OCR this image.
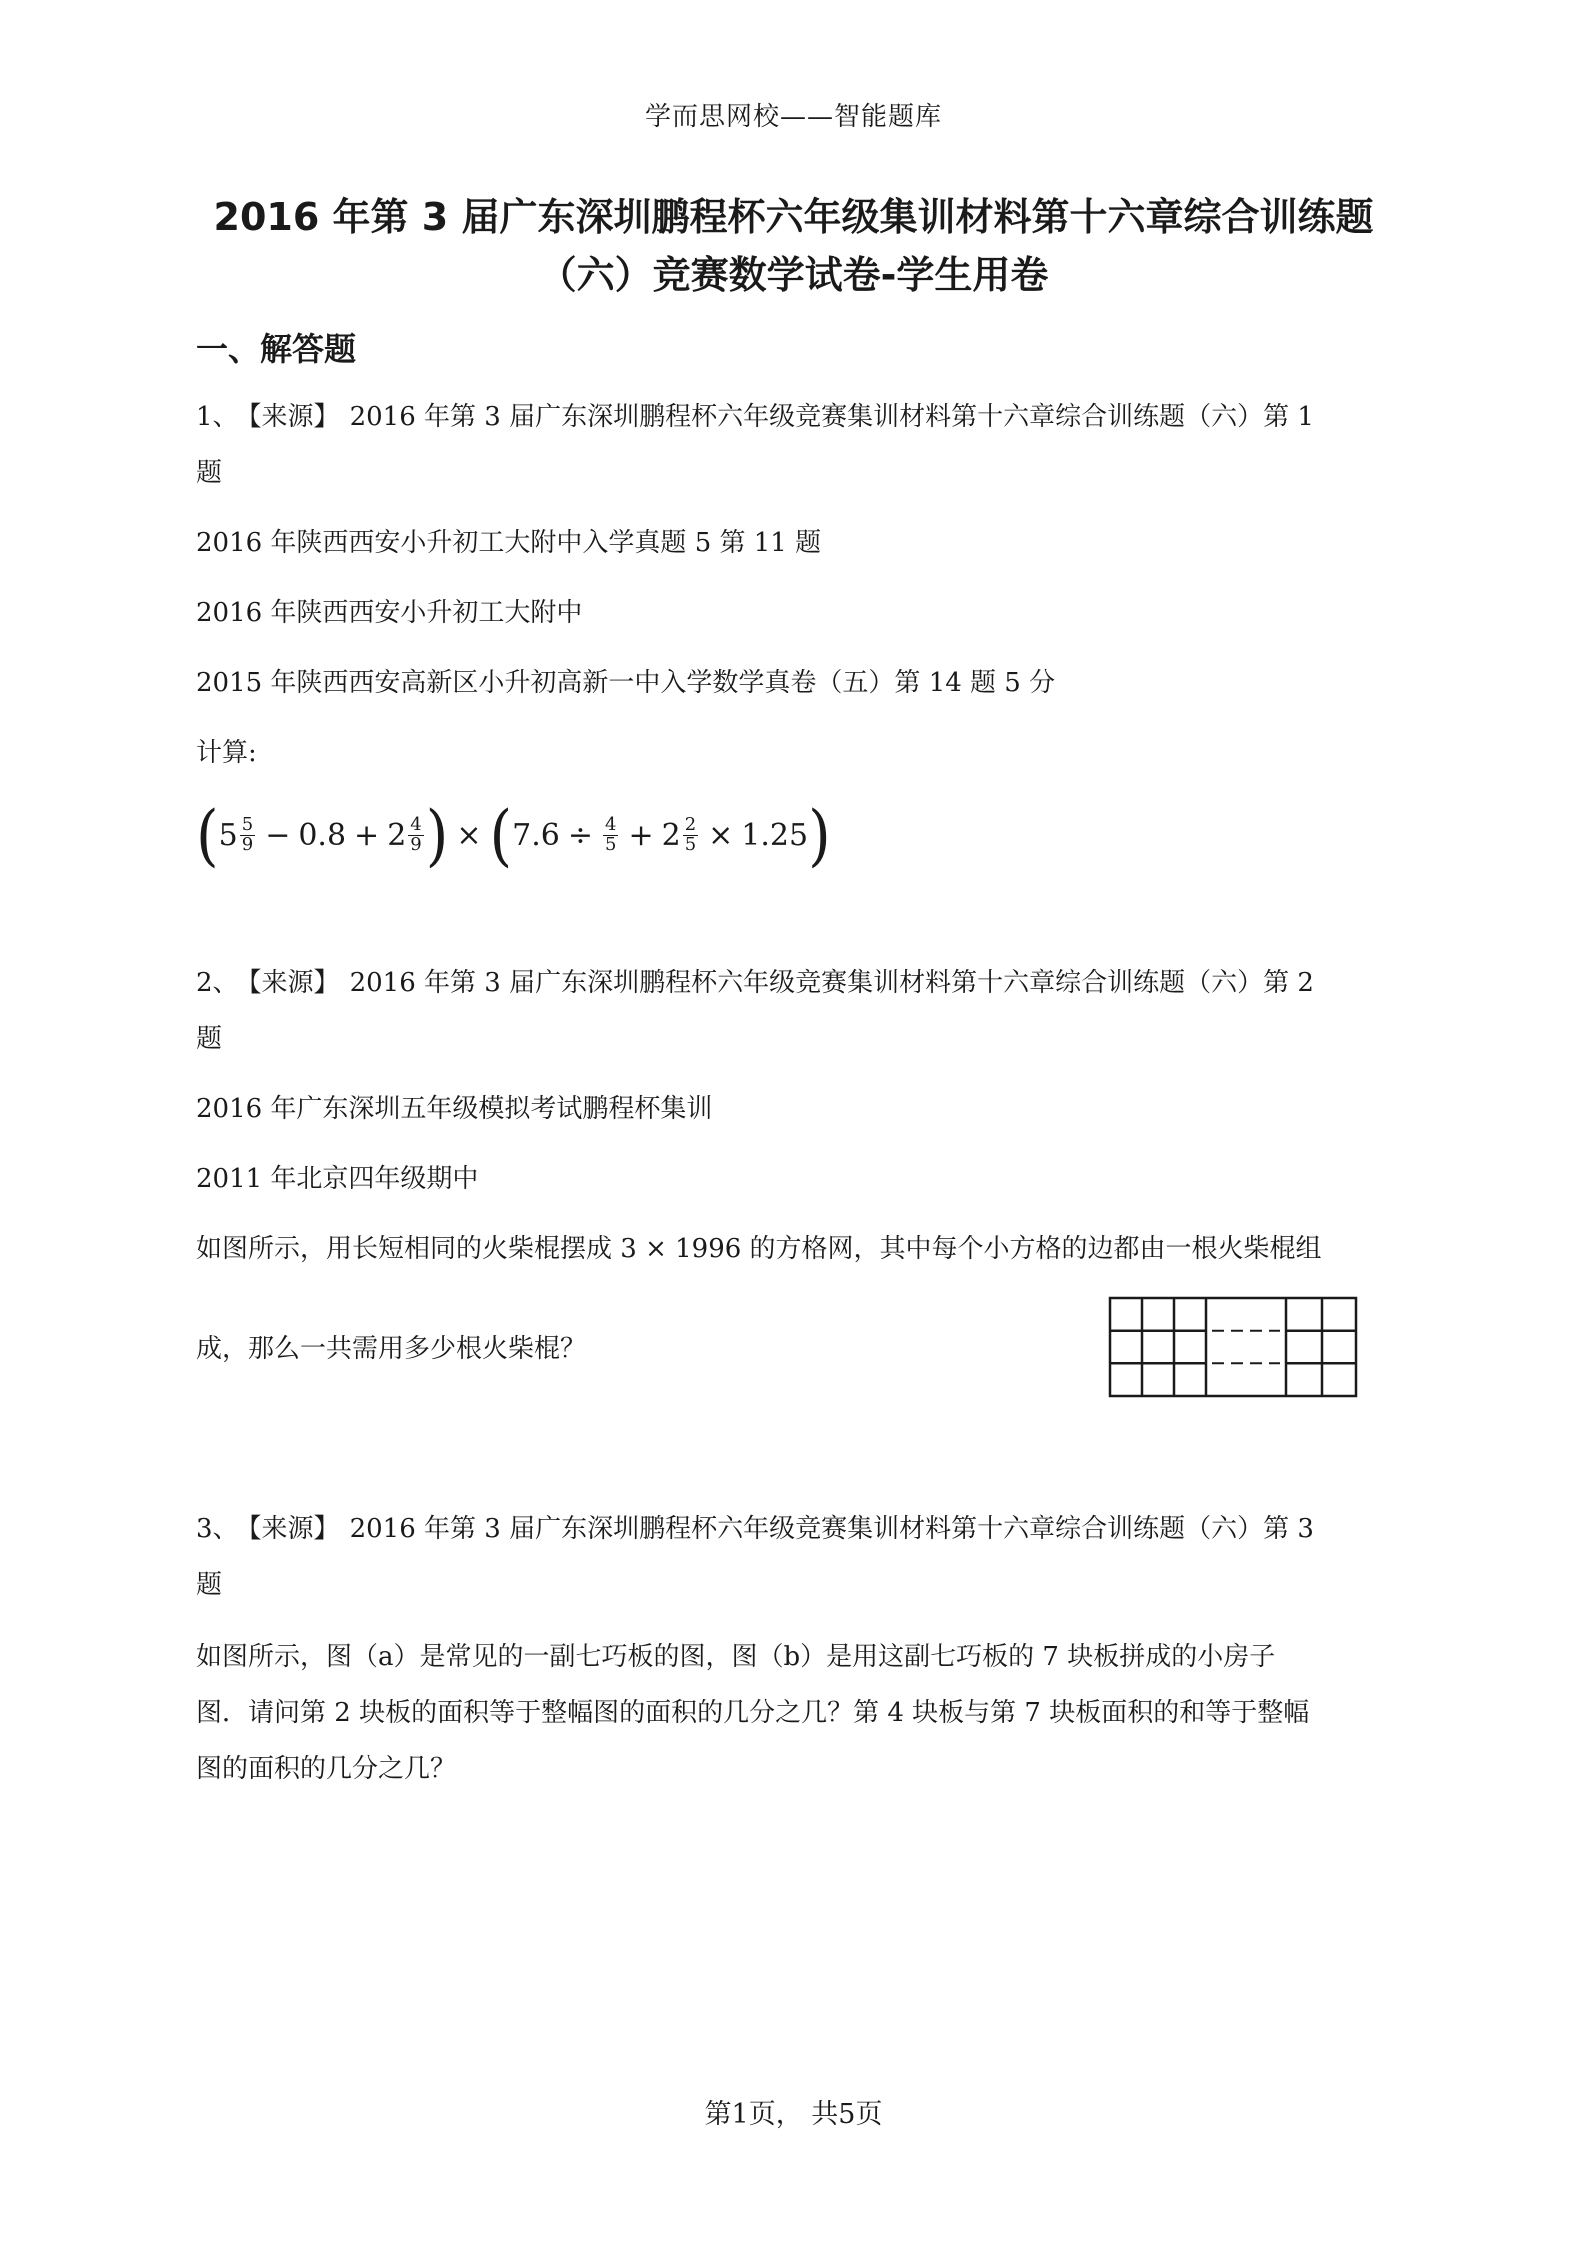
学而思网校——智能题库
2016 年第 3 届广东深圳鹏程杯六年级集训材料第十六章综合训练题
（六）竞赛数学试卷-学生用卷
一、解答题
1、 【来源】 2016 年第 3 届广东深圳鹏程杯六年级竞赛集训材料第十六章综合训练题（六）第 1
题
2016 年陕西西安小升初工大附中入学真题 5 第 11 题
2016 年陕西西安小升初工大附中
2015 年陕西西安高新区小升初高新一中入学数学真卷（五）第 14 题 5 分
计算:
( $5 \frac{5}{9} - 0.8 + 2 \frac{4}{9}$ ) × ( $7.6 \div \frac{4}{5} + 2 \frac{2}{5} \times 1.25$ )
2、 【来源】 2016 年第 3 届广东深圳鹏程杯六年级竞赛集训材料第十六章综合训练题（六）第 2
题
2016 年广东深圳五年级模拟考试鹏程杯集训
2011 年北京四年级期中
如图所示，用长短相同的火柴棍摆成 3 × 1996 的方格网，其中每个小方格的边都由一根火柴棍组
成，那么一共需用多少根火柴棍？
3、 【来源】 2016 年第 3 届广东深圳鹏程杯六年级竞赛集训材料第十六章综合训练题（六）第 3
题
如图所示，图（a）是常见的一副七巧板的图，图（b）是用这副七巧板的 7 块板拼成的小房子
图．请问第 2 块板的面积等于整幅图的面积的几分之几？第 4 块板与第 7 块板面积的和等于整幅
图的面积的几分之几？
第1页， 共5页
